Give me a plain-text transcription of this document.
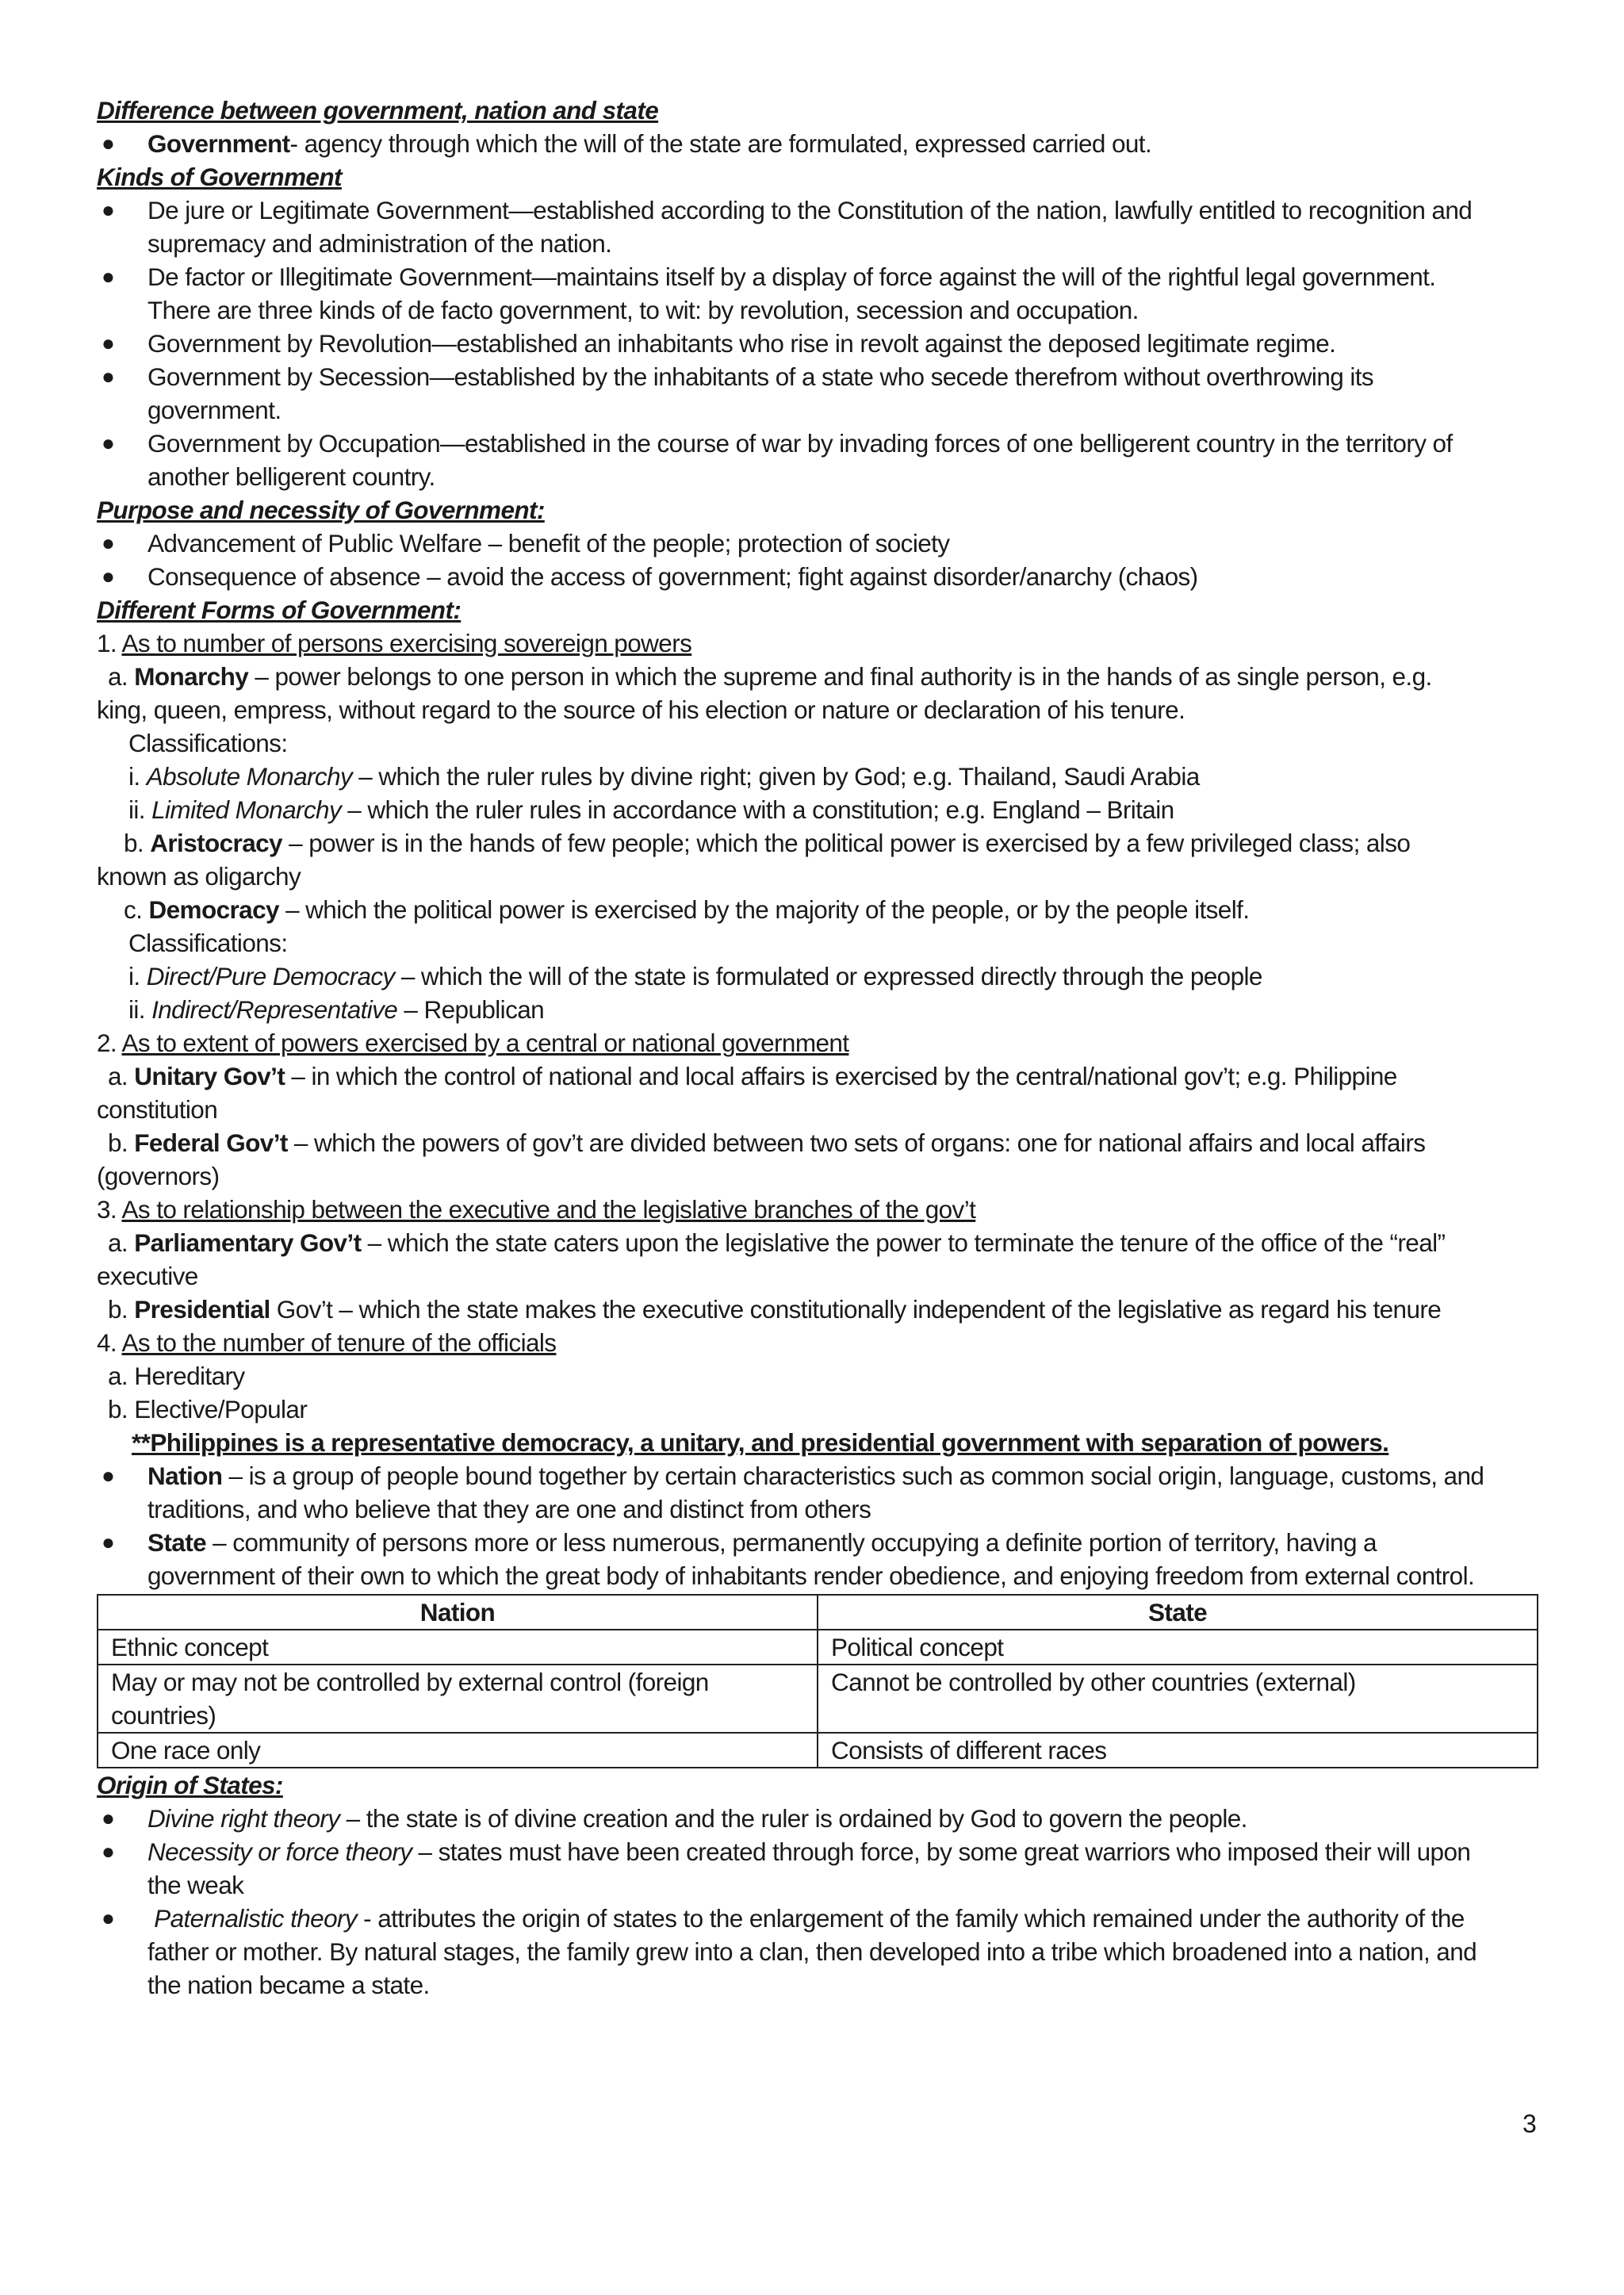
Difference between government, nation and state
● Government- agency through which the will of the state are formulated, expressed carried out.
Kinds of Government
● De jure or Legitimate Government—established according to the Constitution of the nation, lawfully entitled to recognition and
supremacy and administration of the nation.
● De factor or Illegitimate Government—maintains itself by a display of force against the will of the rightful legal government.
There are three kinds of de facto government, to wit: by revolution, secession and occupation.
● Government by Revolution—established an inhabitants who rise in revolt against the deposed legitimate regime.
● Government by Secession—established by the inhabitants of a state who secede therefrom without overthrowing its
government.
● Government by Occupation—established in the course of war by invading forces of one belligerent country in the territory of
another belligerent country.
Purpose and necessity of Government:
● Advancement of Public Welfare – benefit of the people; protection of society
● Consequence of absence – avoid the access of government; fight against disorder/anarchy (chaos)
Different Forms of Government:
1. As to number of persons exercising sovereign powers
a. Monarchy – power belongs to one person in which the supreme and final authority is in the hands of as single person, e.g.
king, queen, empress, without regard to the source of his election or nature or declaration of his tenure.
Classifications:
i. Absolute Monarchy – which the ruler rules by divine right; given by God; e.g. Thailand, Saudi Arabia
ii. Limited Monarchy – which the ruler rules in accordance with a constitution; e.g. England – Britain
b. Aristocracy – power is in the hands of few people; which the political power is exercised by a few privileged class; also
known as oligarchy
c. Democracy – which the political power is exercised by the majority of the people, or by the people itself.
Classifications:
i. Direct/Pure Democracy – which the will of the state is formulated or expressed directly through the people
ii. Indirect/Representative – Republican
2. As to extent of powers exercised by a central or national government
a. Unitary Gov’t – in which the control of national and local affairs is exercised by the central/national gov’t; e.g. Philippine
constitution
b. Federal Gov’t – which the powers of gov’t are divided between two sets of organs: one for national affairs and local affairs
(governors)
3. As to relationship between the executive and the legislative branches of the gov’t
a. Parliamentary Gov’t – which the state caters upon the legislative the power to terminate the tenure of the office of the “real”
executive
b. Presidential Gov’t – which the state makes the executive constitutionally independent of the legislative as regard his tenure
4. As to the number of tenure of the officials
a. Hereditary
b. Elective/Popular
**Philippines is a representative democracy, a unitary, and presidential government with separation of powers.
● Nation – is a group of people bound together by certain characteristics such as common social origin, language, customs, and
traditions, and who believe that they are one and distinct from others
● State – community of persons more or less numerous, permanently occupying a definite portion of territory, having a
government of their own to which the great body of inhabitants render obedience, and enjoying freedom from external control.
Nation	State
Ethnic concept	Political concept
May or may not be controlled by external control (foreign countries)	Cannot be controlled by other countries (external)
One race only	Consists of different races
Origin of States:
● Divine right theory – the state is of divine creation and the ruler is ordained by God to govern the people.
● Necessity or force theory – states must have been created through force, by some great warriors who imposed their will upon
the weak
● Paternalistic theory - attributes the origin of states to the enlargement of the family which remained under the authority of the
father or mother. By natural stages, the family grew into a clan, then developed into a tribe which broadened into a nation, and
the nation became a state.
3
